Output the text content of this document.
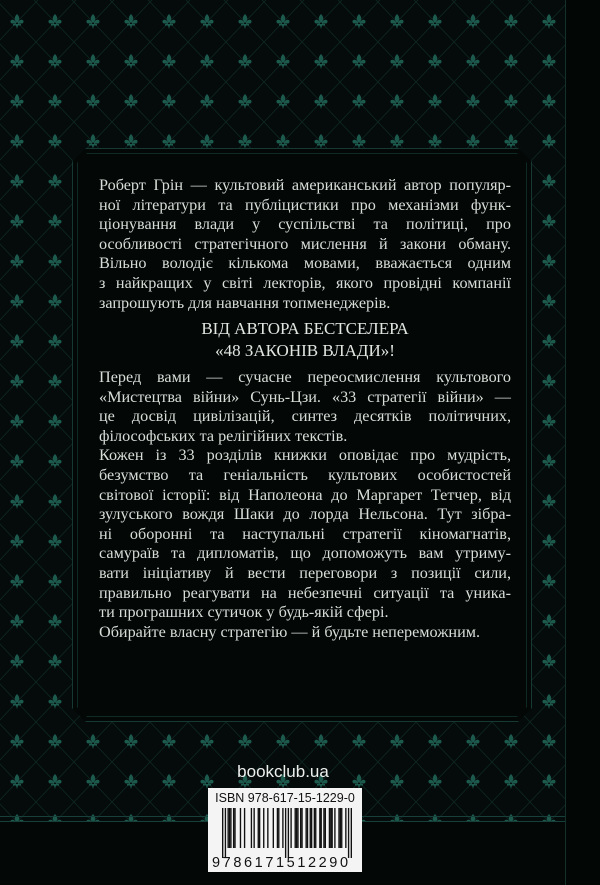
Роберт Грін — культовий американський автор популяр-
ної літератури та публіцистики про механізми функ-
ціонування влади у суспільстві та політиці, про
особливості стратегічного мислення й закони обману.
Вільно володіє кількома мовами, вважається одним
з найкращих у світі лекторів, якого провідні компанії
запрошують для навчання топменеджерів.
ВІД АВТОРА БЕСТСЕЛЕРА
«48 ЗАКОНІВ ВЛАДИ»!
Перед вами — сучасне переосмислення культового
«Мистецтва війни» Сунь-Цзи. «33 стратегії війни» —
це досвід цивілізацій, синтез десятків політичних,
філософських та релігійних текстів.
Кожен із 33 розділів книжки оповідає про мудрість,
безумство та геніальність культових особистостей
світової історії: від Наполеона до Маргарет Тетчер, від
зулуського вождя Шаки до лорда Нельсона. Тут зібра-
ні оборонні та наступальні стратегії кіномагнатів,
самураїв та дипломатів, що допоможуть вам утриму-
вати ініціативу й вести переговори з позиції сили,
правильно реагувати на небезпечні ситуації та уника-
ти програшних сутичок у будь-якій сфері.
Обирайте власну стратегію — й будьте непереможним.
bookclub.ua
ISBN 978-617-15-1229-0
9786171512290
